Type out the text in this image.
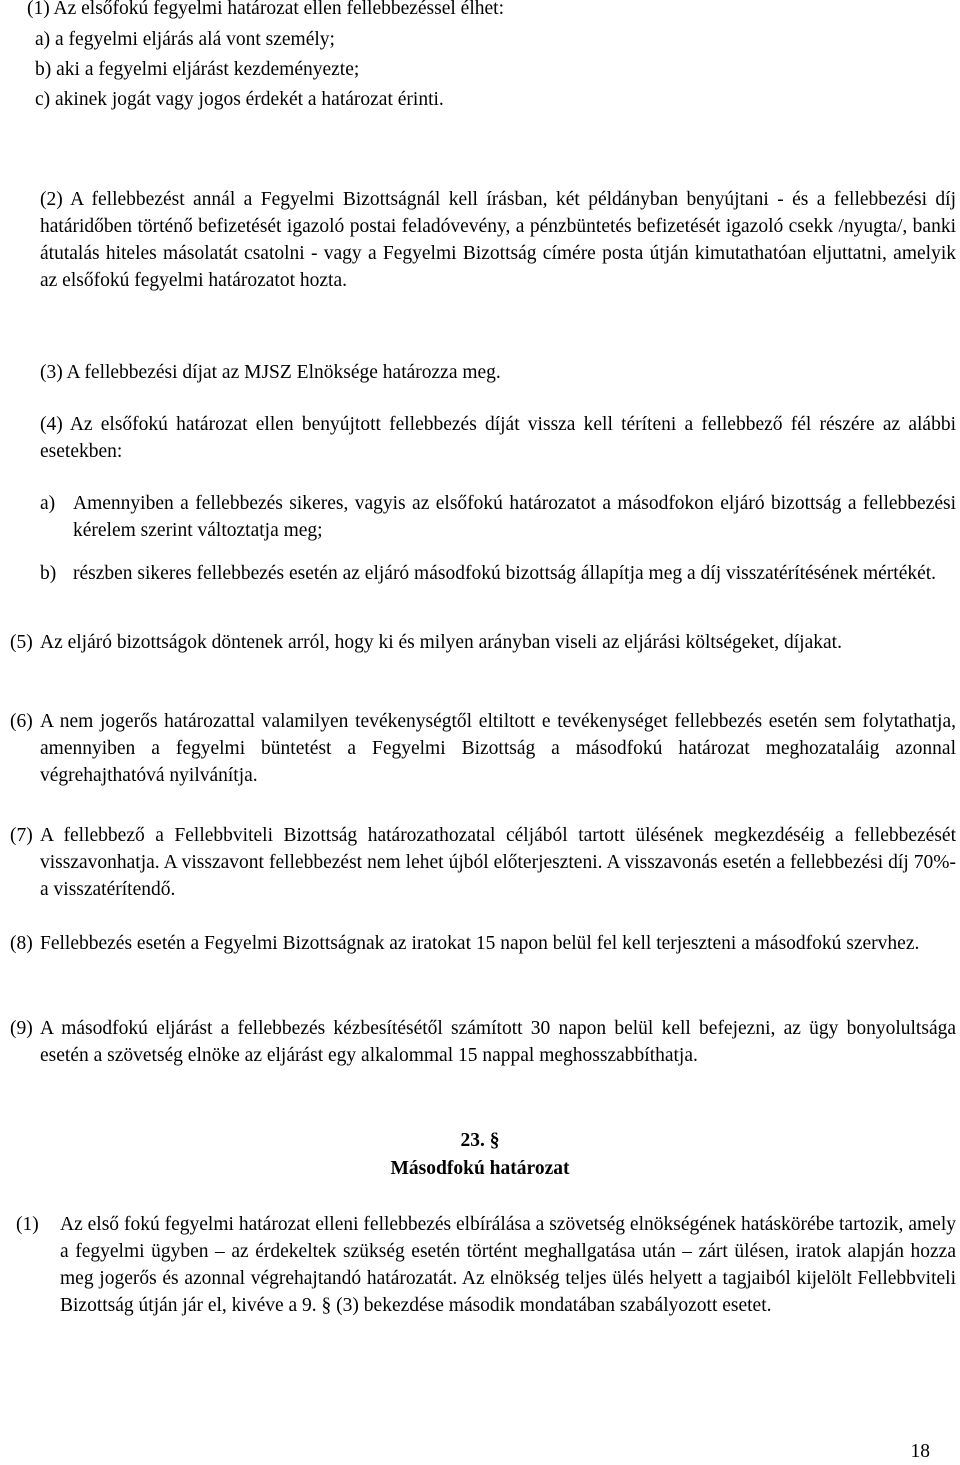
(1) Az elsőfokú fegyelmi határozat ellen fellebbezéssel élhet:
a) a fegyelmi eljárás alá vont személy;
b) aki a fegyelmi eljárást kezdeményezte;
c) akinek jogát vagy jogos érdekét a határozat érinti.
(2) A fellebbezést annál a Fegyelmi Bizottságnál kell írásban, két példányban benyújtani - és a fellebbezési díj határidőben történő befizetését igazoló postai feladóvevény, a pénzbüntetés befizetését igazoló csekk /nyugta/, banki átutalás hiteles másolatát csatolni - vagy a Fegyelmi Bizottság címére posta útján kimutathatóan eljuttatni, amelyik az elsőfokú fegyelmi határozatot hozta.
(3) A fellebbezési díjat az MJSZ Elnöksége határozza meg.
(4) Az elsőfokú határozat ellen benyújtott fellebbezés díját vissza kell téríteni a fellebbező fél részére az alábbi esetekben:
a) Amennyiben a fellebbezés sikeres, vagyis az elsőfokú határozatot a másodfokon eljáró bizottság a fellebbezési kérelem szerint változtatja meg;
b) részben sikeres fellebbezés esetén az eljáró másodfokú bizottság állapítja meg a díj visszatérítésének mértékét.
(5) Az eljáró bizottságok döntenek arról, hogy ki és milyen arányban viseli az eljárási költségeket, díjakat.
(6) A nem jogerős határozattal valamilyen tevékenységtől eltiltott e tevékenységet fellebbezés esetén sem folytathatja, amennyiben a fegyelmi büntetést a Fegyelmi Bizottság a másodfokú határozat meghozataláig azonnal végrehajthatóvá nyilvánítja.
(7) A fellebbező a Fellebbviteli Bizottság határozathozatal céljából tartott ülésének megkezdéséig a fellebbezését visszavonhatja. A visszavont fellebbezést nem lehet újból előterjeszteni. A visszavonás esetén a fellebbezési díj 70%-a visszatérítendő.
(8) Fellebbezés esetén a Fegyelmi Bizottságnak az iratokat 15 napon belül fel kell terjeszteni a másodfokú szervhez.
(9) A másodfokú eljárást a fellebbezés kézbesítésétől számított 30 napon belül kell befejezni, az ügy bonyolultsága esetén a szövetség elnöke az eljárást egy alkalommal 15 nappal meghosszabbíthatja.
23. §
Másodfokú határozat
(1)	Az első fokú fegyelmi határozat elleni fellebbezés elbírálása a szövetség elnökségének hatáskörébe tartozik, amely a fegyelmi ügyben – az érdekeltek szükség esetén történt meghallgatása után – zárt ülésen, iratok alapján hozza meg jogerős és azonnal végrehajtandó határozatát. Az elnökség teljes ülés helyett a tagjaiból kijelölt Fellebbviteli Bizottság útján jár el, kivéve a 9. § (3) bekezdése második mondatában szabályozott esetet.
18
